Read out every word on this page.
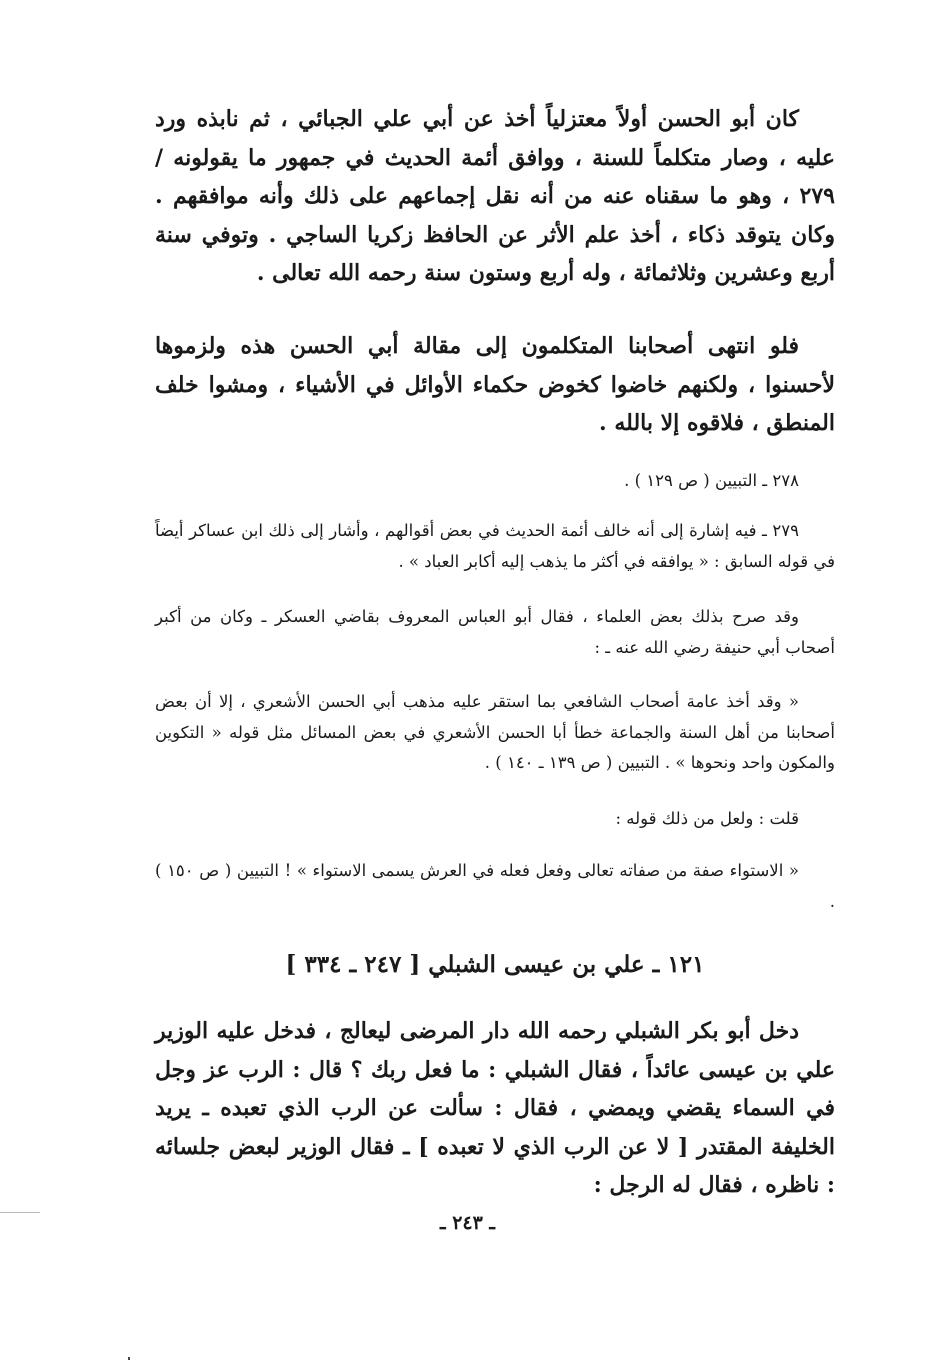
كان أبو الحسن أولاً معتزلياً أخذ عن أبي علي الجبائي ، ثم نابذه ورد عليه ، وصار متكلماً للسنة ، ووافق أئمة الحديث في جمهور ما يقولونه / ٢٧٩ ، وهو ما سقناه عنه من أنه نقل إجماعهم على ذلك وأنه موافقهم . وكان يتوقد ذكاء ، أخذ علم الأثر عن الحافظ زكريا الساجي . وتوفي سنة أربع وعشرين وثلاثمائة ، وله أربع وستون سنة رحمه الله تعالى .

فلو انتهى أصحابنا المتكلمون إلى مقالة أبي الحسن هذه ولزموها لأحسنوا ، ولكنهم خاضوا كخوض حكماء الأوائل في الأشياء ، ومشوا خلف المنطق ، فلاقوه إلا بالله .

٢٧٨ ـ التبيين ( ص ١٢٩ ) .

٢٧٩ ـ فيه إشارة إلى أنه خالف أئمة الحديث في بعض أقوالهم ، وأشار إلى ذلك ابن عساكر أيضاً في قوله السابق : « يوافقه في أكثر ما يذهب إليه أكابر العباد » .

وقد صرح بذلك بعض العلماء ، فقال أبو العباس المعروف بقاضي العسكر ـ وكان من أكبر أصحاب أبي حنيفة رضي الله عنه ـ :

« وقد أخذ عامة أصحاب الشافعي بما استقر عليه مذهب أبي الحسن الأشعري ، إلا أن بعض أصحابنا من أهل السنة والجماعة خطأ أبا الحسن الأشعري في بعض المسائل مثل قوله « التكوين والمكون واحد ونحوها » . التبيين ( ص ١٣٩ ـ ١٤٠ ) .

قلت : ولعل من ذلك قوله :

« الاستواء صفة من صفاته تعالى وفعل فعله في العرش يسمى الاستواء » ! التبيين ( ص ١٥٠ ) .

١٢١ ـ علي بن عيسى الشبلي [ ٢٤٧ ـ ٣٣٤ ]

دخل أبو بكر الشبلي رحمه الله دار المرضى ليعالج ، فدخل عليه الوزير علي بن عيسى عائداً ، فقال الشبلي : ما فعل ربك ؟ قال : الرب عز وجل في السماء يقضي ويمضي ، فقال : سألت عن الرب الذي تعبده ـ يريد الخليفة المقتدر [ لا عن الرب الذي لا تعبده ] ـ فقال الوزير لبعض جلسائه : ناظره ، فقال له الرجل :

ـ ٢٤٣ ـ
